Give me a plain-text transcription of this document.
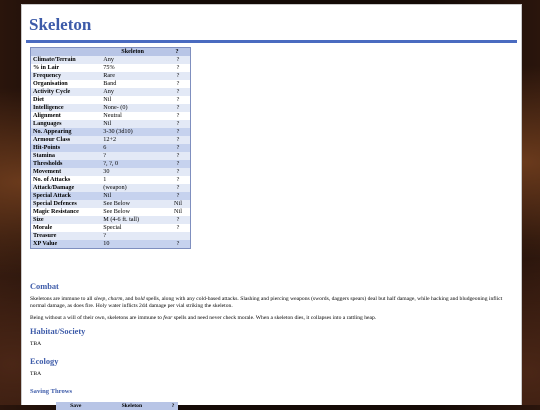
Skeleton
	Skeleton	?
Climate/Terrain	Any	?
% in Lair	75%	?
Frequency	Rare	?
Organisation	Band	?
Activity Cycle	Any	?
Diet	Nil	?
Intelligence	None- (0)	?
Alignment	Neutral	?
Languages	Nil	?
No. Appearing	3-30 (3d10)	?
Armour Class	12+2	?
Hit-Points	6	?
Stamina	?	?
Thresholds	?, ?, 0	?
Movement	30	?
No. of Attacks	1	?
Attack/Damage	(weapon)	?
Special Attack	Nil	?
Special Defences	See Below	Nil
Magic Resistance	See Below	Nil
Size	M (4-6 ft. tall)	?
Morale	Special	?
Treasure	?	
XP Value	10	?
Combat

Skeletons are immune to all sleep, charm, and hold spells, along with any cold-based attacks. Slashing and piercing weapons (swords, daggers spears) deal but half damage, while hacking and bludgeoning inflict normal damage, as does fire. Holy water inflicts 2d4 damage per vial striking the skeleton.

Being without a will of their own, skeletons are immune to fear spells and need never check morale. When a skeleton dies, it collapses into a rattling heap.

Habitat/Society

TBA

Ecology

TBA

Saving Throws
Save	Skeleton	?
